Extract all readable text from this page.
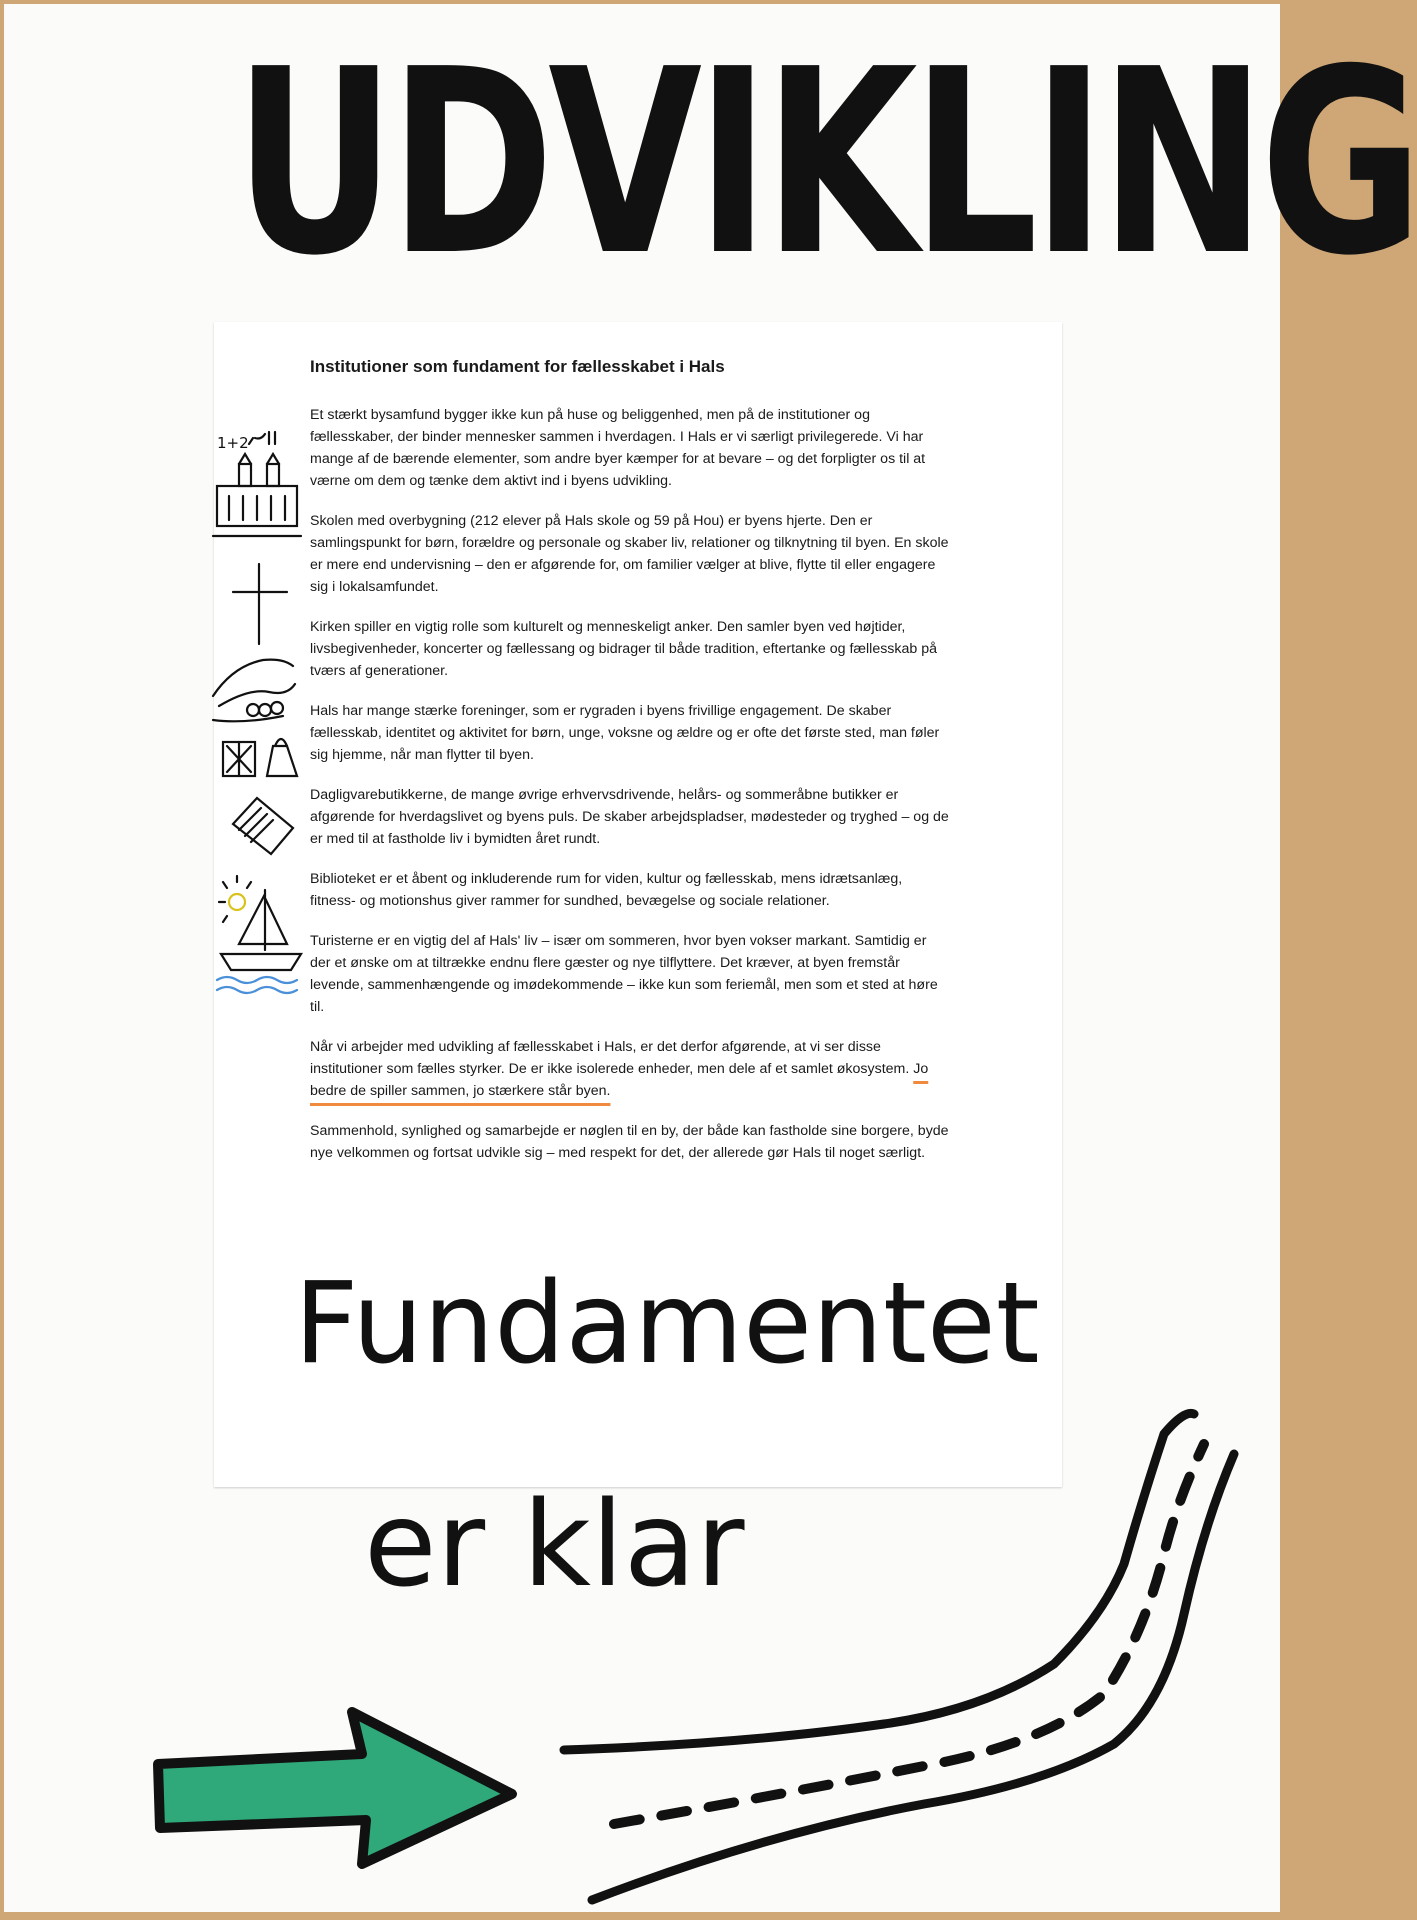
UDVIKLING
Institutioner som fundament for fællesskabet i Hals

Et stærkt bysamfund bygger ikke kun på huse og beliggenhed, men på de institutioner og fællesskaber, der binder mennesker sammen i hverdagen. I Hals er vi særligt privilegerede. Vi har mange af de bærende elementer, som andre byer kæmper for at bevare – og det forpligter os til at værne om dem og tænke dem aktivt ind i byens udvikling.

Skolen med overbygning (212 elever på Hals skole og 59 på Hou) er byens hjerte. Den er samlingspunkt for børn, forældre og personale og skaber liv, relationer og tilknytning til byen. En skole er mere end undervisning – den er afgørende for, om familier vælger at blive, flytte til eller engagere sig i lokalsamfundet.

Kirken spiller en vigtig rolle som kulturelt og menneskeligt anker. Den samler byen ved højtider, livsbegivenheder, koncerter og fællessang og bidrager til både tradition, eftertanke og fællesskab på tværs af generationer.

Hals har mange stærke foreninger, som er rygraden i byens frivillige engagement. De skaber fællesskab, identitet og aktivitet for børn, unge, voksne og ældre og er ofte det første sted, man føler sig hjemme, når man flytter til byen.

Dagligvarebutikkerne, de mange øvrige erhvervsdrivende, helårs- og sommeråbne butikker er afgørende for hverdagslivet og byens puls. De skaber arbejdspladser, mødesteder og tryghed – og de er med til at fastholde liv i bymidten året rundt.

Biblioteket er et åbent og inkluderende rum for viden, kultur og fællesskab, mens idrætsanlæg, fitness- og motionshus giver rammer for sundhed, bevægelse og sociale relationer.

Turisterne er en vigtig del af Hals' liv – især om sommeren, hvor byen vokser markant. Samtidig er der et ønske om at tiltrække endnu flere gæster og nye tilflyttere. Det kræver, at byen fremstår levende, sammenhængende og imødekommende – ikke kun som feriemål, men som et sted at høre til.

Når vi arbejder med udvikling af fællesskabet i Hals, er det derfor afgørende, at vi ser disse institutioner som fælles styrker. De er ikke isolerede enheder, men dele af et samlet økosystem. Jo bedre de spiller sammen, jo stærkere står byen.

Sammenhold, synlighed og samarbejde er nøglen til en by, der både kan fastholde sine borgere, byde nye velkommen og fortsat udvikle sig – med respekt for det, der allerede gør Hals til noget særligt.

1+2
Fundamentet
er klar
